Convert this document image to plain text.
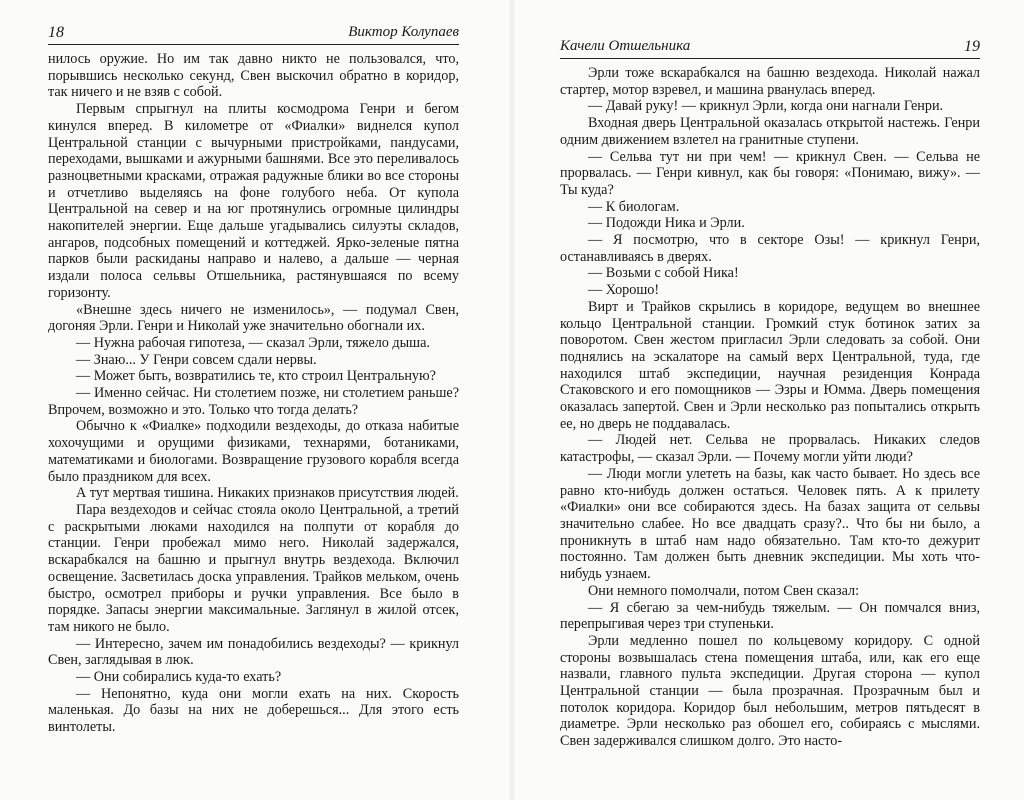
18	Виктор Колупаев

нилось оружие. Но им так давно никто не пользовался, что, порывшись несколько секунд, Свен выскочил обратно в коридор, так ничего и не взяв с собой.

Первым спрыгнул на плиты космодрома Генри и бегом кинулся вперед. В километре от «Фиалки» виднелся купол Центральной станции с вычурными пристройками, пандусами, переходами, вышками и ажурными башнями. Все это переливалось разноцветными красками, отражая радужные блики во все стороны и отчетливо выделяясь на фоне голубого неба. От купола Центральной на север и на юг протянулись огромные цилиндры накопителей энергии. Еще дальше угадывались силуэты складов, ангаров, подсобных помещений и коттеджей. Ярко-зеленые пятна парков были раскиданы направо и налево, а дальше — черная издали полоса сельвы Отшельника, растянувшаяся по всему горизонту.

«Внешне здесь ничего не изменилось», — подумал Свен, догоняя Эрли. Генри и Николай уже значительно обогнали их.

— Нужна рабочая гипотеза, — сказал Эрли, тяжело дыша.

— Знаю... У Генри совсем сдали нервы.

— Может быть, возвратились те, кто строил Центральную?

— Именно сейчас. Ни столетием позже, ни столетием раньше? Впрочем, возможно и это. Только что тогда делать?

Обычно к «Фиалке» подходили вездеходы, до отказа набитые хохочущими и орущими физиками, технарями, ботаниками, математиками и биологами. Возвращение грузового корабля всегда было праздником для всех.

А тут мертвая тишина. Никаких признаков присутствия людей.

Пара вездеходов и сейчас стояла около Центральной, а третий с раскрытыми люками находился на полпути от корабля до станции. Генри пробежал мимо него. Николай задержался, вскарабкался на башню и прыгнул внутрь вездехода. Включил освещение. Засветилась доска управления. Трайков мельком, очень быстро, осмотрел приборы и ручки управления. Все было в порядке. Запасы энергии максимальные. Заглянул в жилой отсек, там никого не было.

— Интересно, зачем им понадобились вездеходы? — крикнул Свен, заглядывая в люк.

— Они собирались куда-то ехать?

— Непонятно, куда они могли ехать на них. Скорость маленькая. До базы на них не доберешься... Для этого есть винтолеты.

Качели Отшельника	19

Эрли тоже вскарабкался на башню вездехода. Николай нажал стартер, мотор взревел, и машина рванулась вперед.

— Давай руку! — крикнул Эрли, когда они нагнали Генри.

Входная дверь Центральной оказалась открытой настежь. Генри одним движением взлетел на гранитные ступени.

— Сельва тут ни при чем! — крикнул Свен. — Сельва не прорвалась. — Генри кивнул, как бы говоря: «Понимаю, вижу». — Ты куда?

— К биологам.

— Подожди Ника и Эрли.

— Я посмотрю, что в секторе Озы! — крикнул Генри, останавливаясь в дверях.

— Возьми с собой Ника!

— Хорошо!

Вирт и Трайков скрылись в коридоре, ведущем во внешнее кольцо Центральной станции. Громкий стук ботинок затих за поворотом. Свен жестом пригласил Эрли следовать за собой. Они поднялись на эскалаторе на самый верх Центральной, туда, где находился штаб экспедиции, научная резиденция Конрада Стаковского и его помощников — Эзры и Юмма. Дверь помещения оказалась запертой. Свен и Эрли несколько раз попытались открыть ее, но дверь не поддавалась.

— Людей нет. Сельва не прорвалась. Никаких следов катастрофы, — сказал Эрли. — Почему могли уйти люди?

— Люди могли улететь на базы, как часто бывает. Но здесь все равно кто-нибудь должен остаться. Человек пять. А к прилету «Фиалки» они все собираются здесь. На базах защита от сельвы значительно слабее. Но все двадцать сразу?.. Что бы ни было, а проникнуть в штаб нам надо обязательно. Там кто-то дежурит постоянно. Там должен быть дневник экспедиции. Мы хоть что-нибудь узнаем.

Они немного помолчали, потом Свен сказал:

— Я сбегаю за чем-нибудь тяжелым. — Он помчался вниз, перепрыгивая через три ступеньки.

Эрли медленно пошел по кольцевому коридору. С одной стороны возвышалась стена помещения штаба, или, как его еще назвали, главного пульта экспедиции. Другая сторона — купол Центральной станции — была прозрачная. Прозрачным был и потолок коридора. Коридор был небольшим, метров пятьдесят в диаметре. Эрли несколько раз обошел его, собираясь с мыслями. Свен задерживался слишком долго. Это насто-
